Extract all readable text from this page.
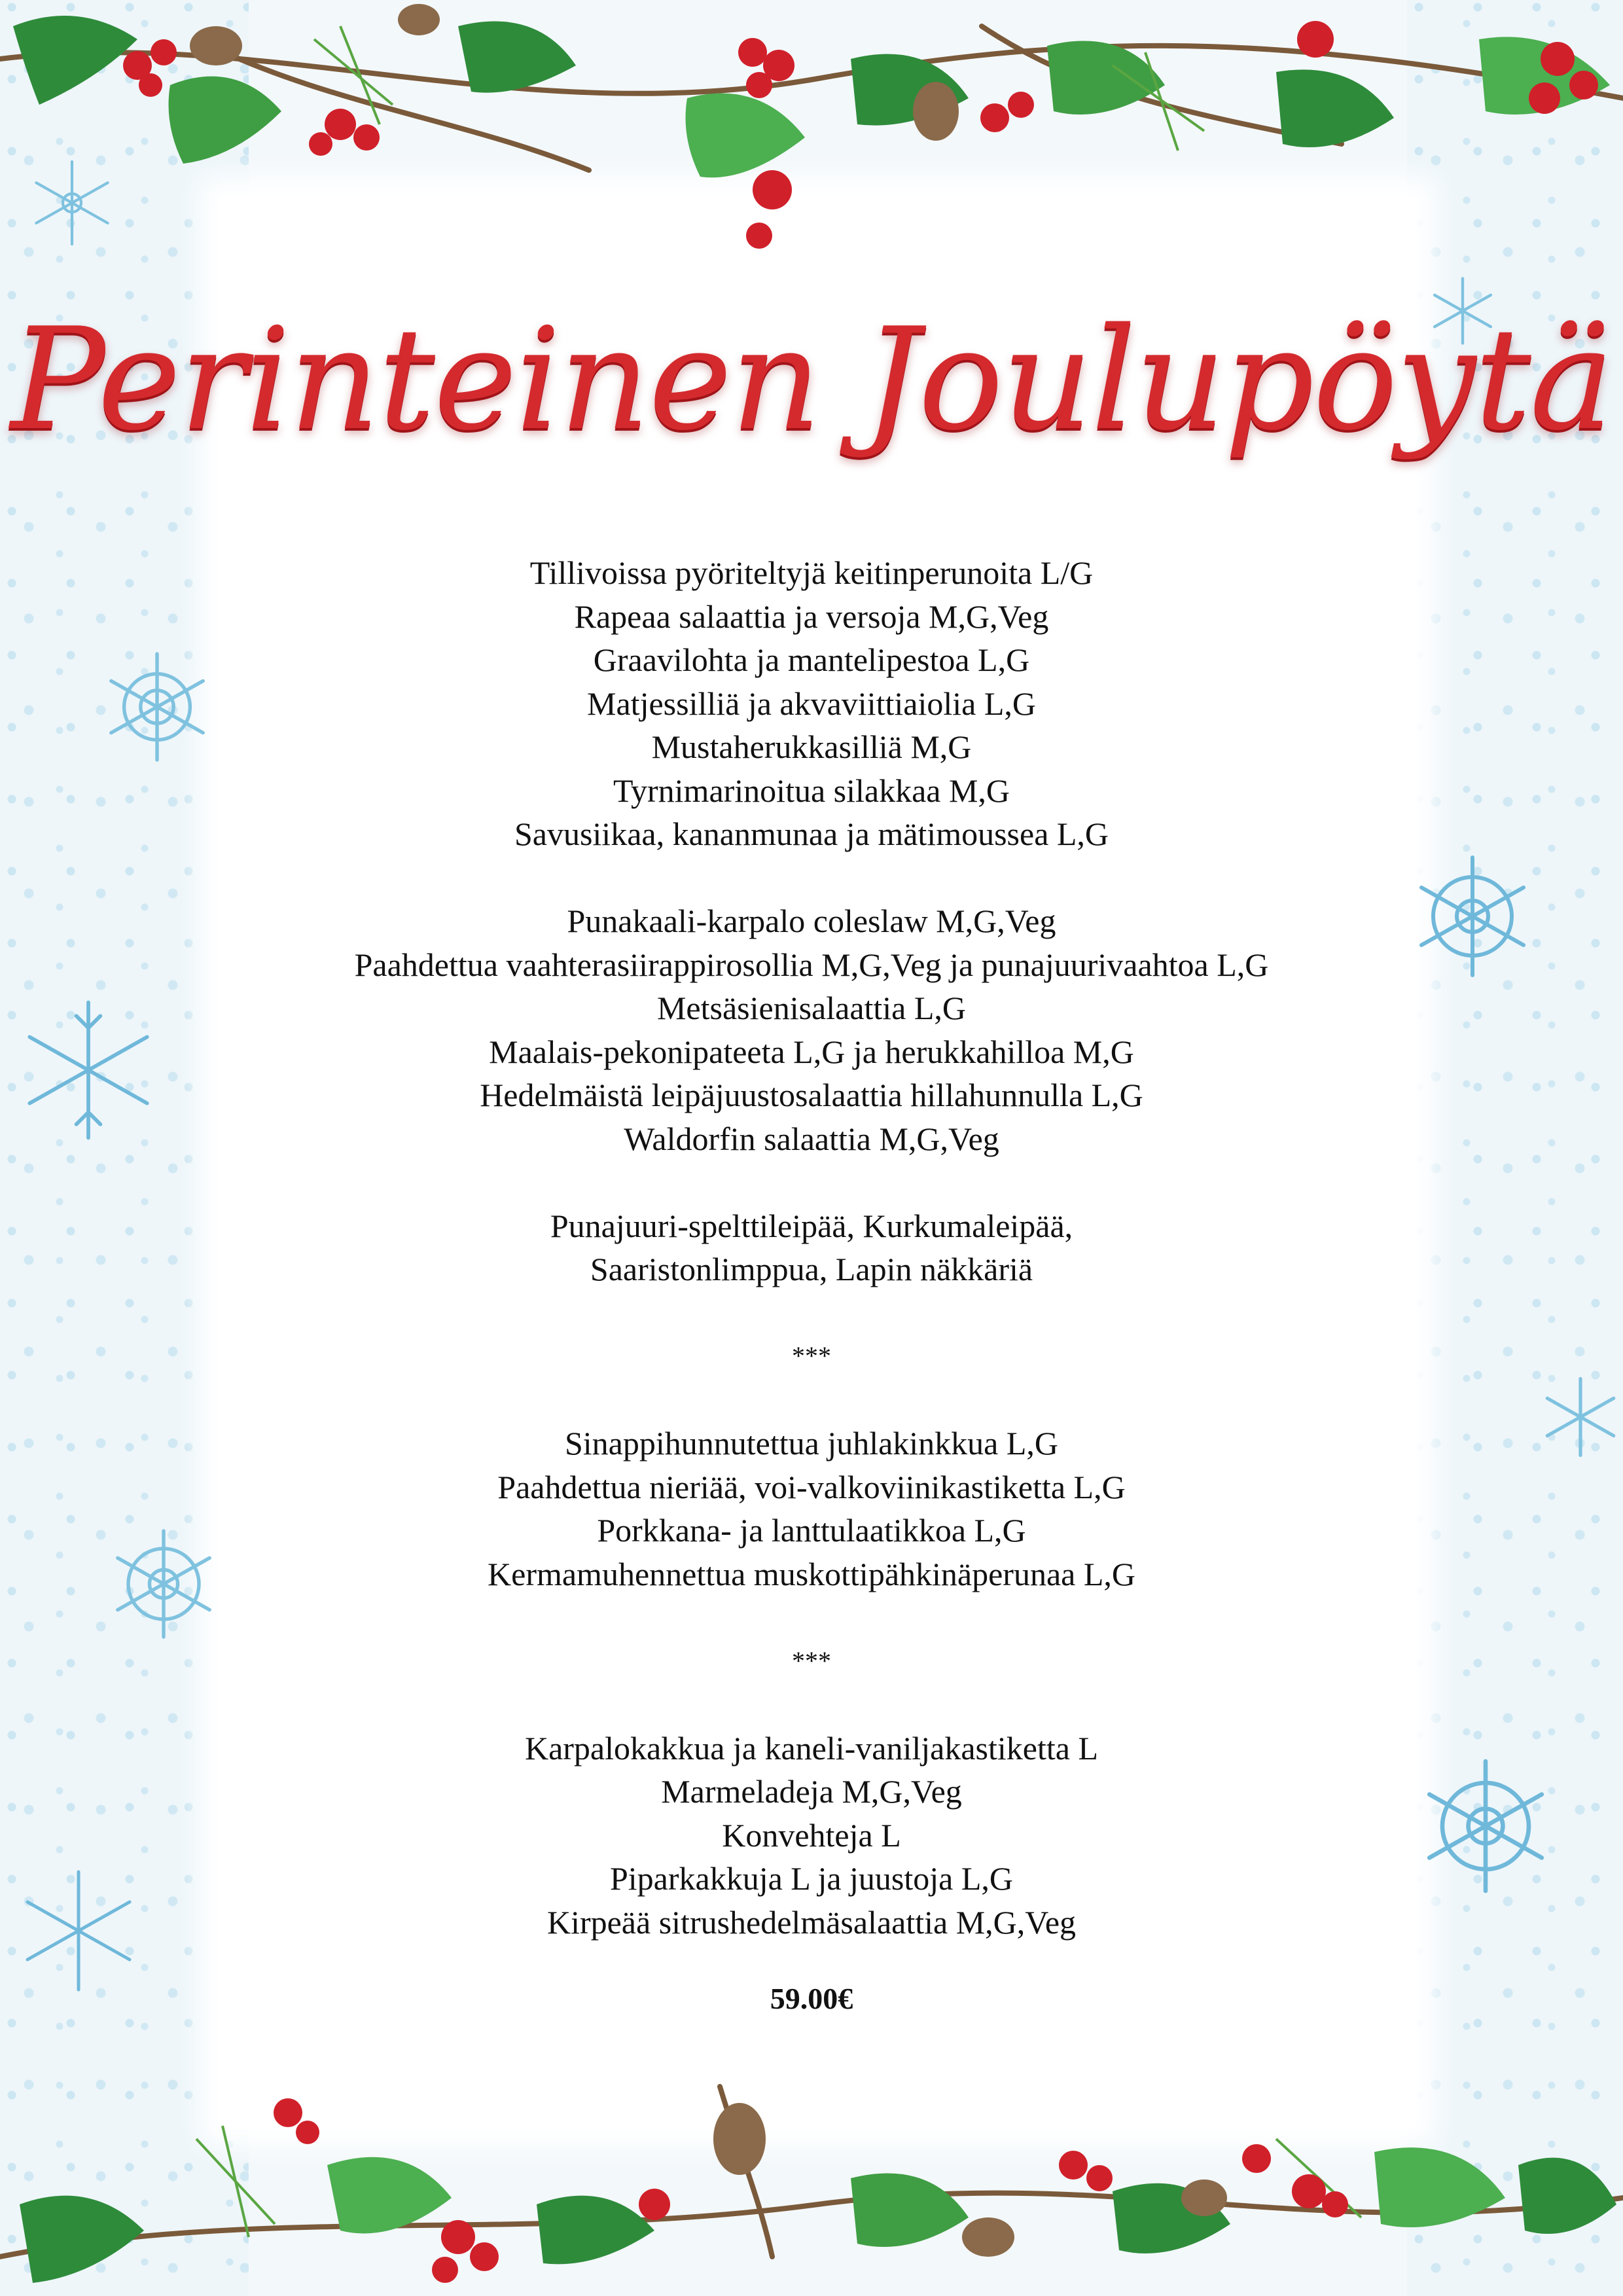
Perinteinen Joulupöytä
Tillivoissa pyöriteltyjä keitinperunoita L/G
Rapeaa salaattia ja versoja M,G,Veg
Graavilohta ja mantelipestoa L,G
Matjessilliä ja akvaviittiaiolia L,G
Mustaherukkasilliä M,G
Tyrnimarinoitua silakkaa M,G
Savusiikaa, kananmunaa ja mätimoussea L,G
Punakaali-karpalo coleslaw M,G,Veg
Paahdettua vaahterasiirappirosollia M,G,Veg ja punajuurivaahtoa L,G
Metsäsienisalaattia L,G
Maalais-pekonipateeta L,G ja herukkahilloa M,G
Hedelmäistä leipäjuustosalaattia hillahunnulla L,G
Waldorfin salaattia M,G,Veg
Punajuuri-spelttileipää, Kurkumaleipää,
Saaristonlimppua, Lapin näkkäriä
***
Sinappihunnutettua juhlakinkkua L,G
Paahdettua nieriää, voi-valkoviinikastiketta L,G
Porkkana- ja lanttulaatikkoa L,G
Kermamuhennettua muskottipähkinäperunaa L,G
***
Karpalokakkua ja kaneli-vaniljakastiketta L
Marmeladeja M,G,Veg
Konvehteja L
Piparkakkuja L ja juustoja L,G
Kirpeää sitrushedelmäsalaattia M,G,Veg
59.00€
